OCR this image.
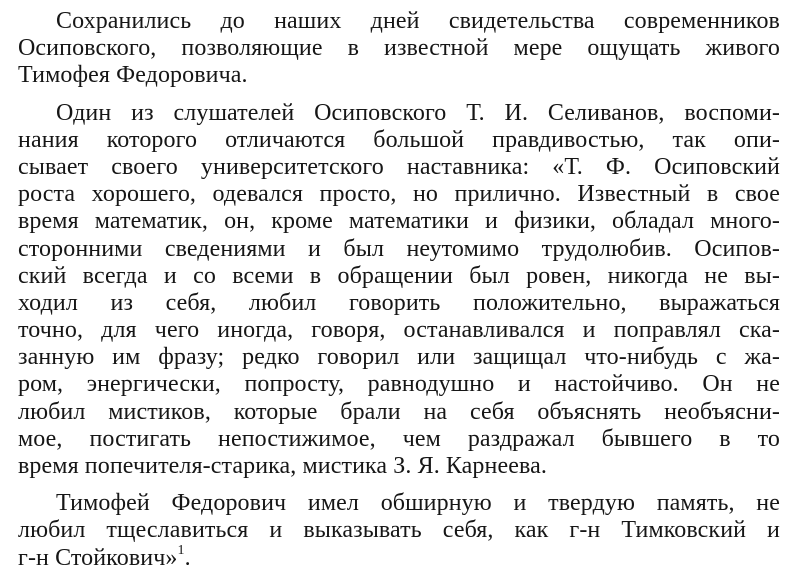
Сохранились до наших дней свидетельства современников
Осиповского, позволяющие в известной мере ощущать живого
Тимофея Федоровича.
Один из слушателей Осиповского Т. И. Селиванов, воспоми-
нания которого отличаются большой правдивостью, так опи-
сывает своего университетского наставника: «Т. Ф. Осиповский
роста хорошего, одевался просто, но прилично. Известный в свое
время математик, он, кроме математики и физики, обладал много-
сторонними сведениями и был неутомимо трудолюбив. Осипов-
ский всегда и со всеми в обращении был ровен, никогда не вы-
ходил из себя, любил говорить положительно, выражаться
точно, для чего иногда, говоря, останавливался и поправлял ска-
занную им фразу; редко говорил или защищал что-нибудь с жа-
ром, энергически, попросту, равнодушно и настойчиво. Он не
любил мистиков, которые брали на себя объяснять необъясни-
мое, постигать непостижимое, чем раздражал бывшего в то
время попечителя-старика, мистика З. Я. Карнеева.
Тимофей Федорович имел обширную и твердую память, не
любил тщеславиться и выказывать себя, как г-н Тимковский и
г-н Стойкович»$^1$.
